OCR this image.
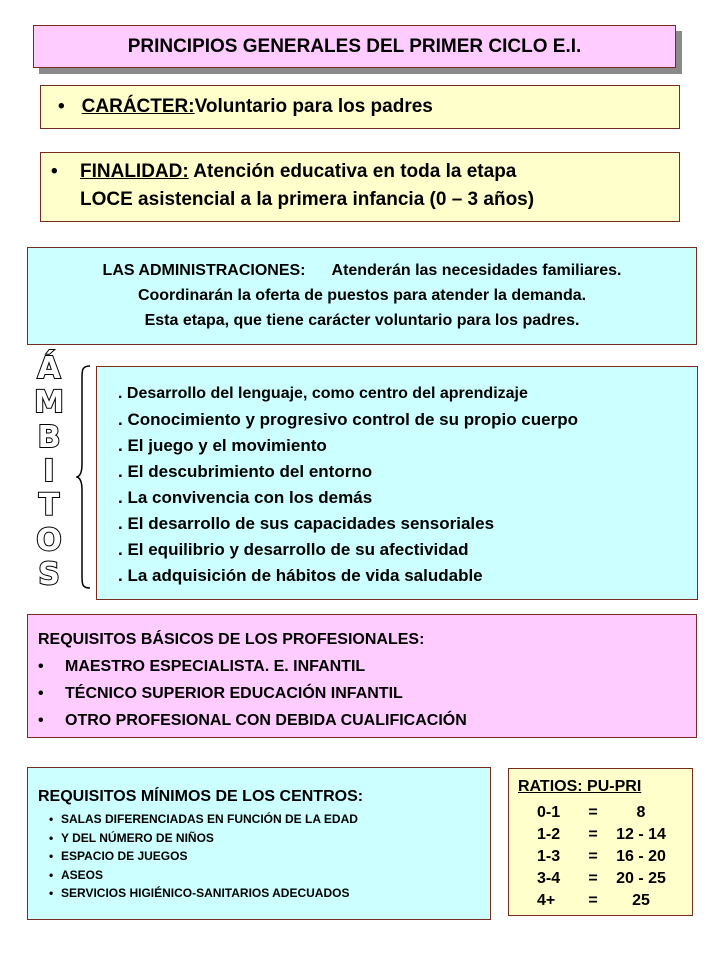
PRINCIPIOS GENERALES DEL PRIMER CICLO E.I.
• CARÁCTER: Voluntario para los padres
• FINALIDAD: Atención educativa en toda la etapa
LOCE asistencial a la primera infancia (0 – 3 años)
LAS ADMINISTRACIONES: Atenderán las necesidades familiares.
Coordinarán la oferta de puestos para atender la demanda.
Esta etapa, que tiene carácter voluntario para los padres.
Á
M
B
I
T
O
S
. Desarrollo del lenguaje, como centro del aprendizaje
. Conocimiento y progresivo control de su propio cuerpo
. El juego y el movimiento
. El descubrimiento del entorno
. La convivencia con los demás
. El desarrollo de sus capacidades sensoriales
. El equilibrio y desarrollo de su afectividad
. La adquisición de hábitos de vida saludable
REQUISITOS BÁSICOS DE LOS PROFESIONALES:
•	MAESTRO ESPECIALISTA. E. INFANTIL
•	TÉCNICO SUPERIOR EDUCACIÓN INFANTIL
•	OTRO PROFESIONAL CON DEBIDA CUALIFICACIÓN
REQUISITOS MÍNIMOS DE LOS CENTROS:
• SALAS DIFERENCIADAS EN FUNCIÓN DE LA EDAD
• Y DEL NÚMERO DE NIÑOS
• ESPACIO DE JUEGOS
• ASEOS
• SERVICIOS HIGIÉNICO-SANITARIOS ADECUADOS
RATIOS: PU-PRI
0-1	=	8
1-2	=	12 - 14
1-3	=	16 - 20
3-4	=	20 - 25
4+	=	25
